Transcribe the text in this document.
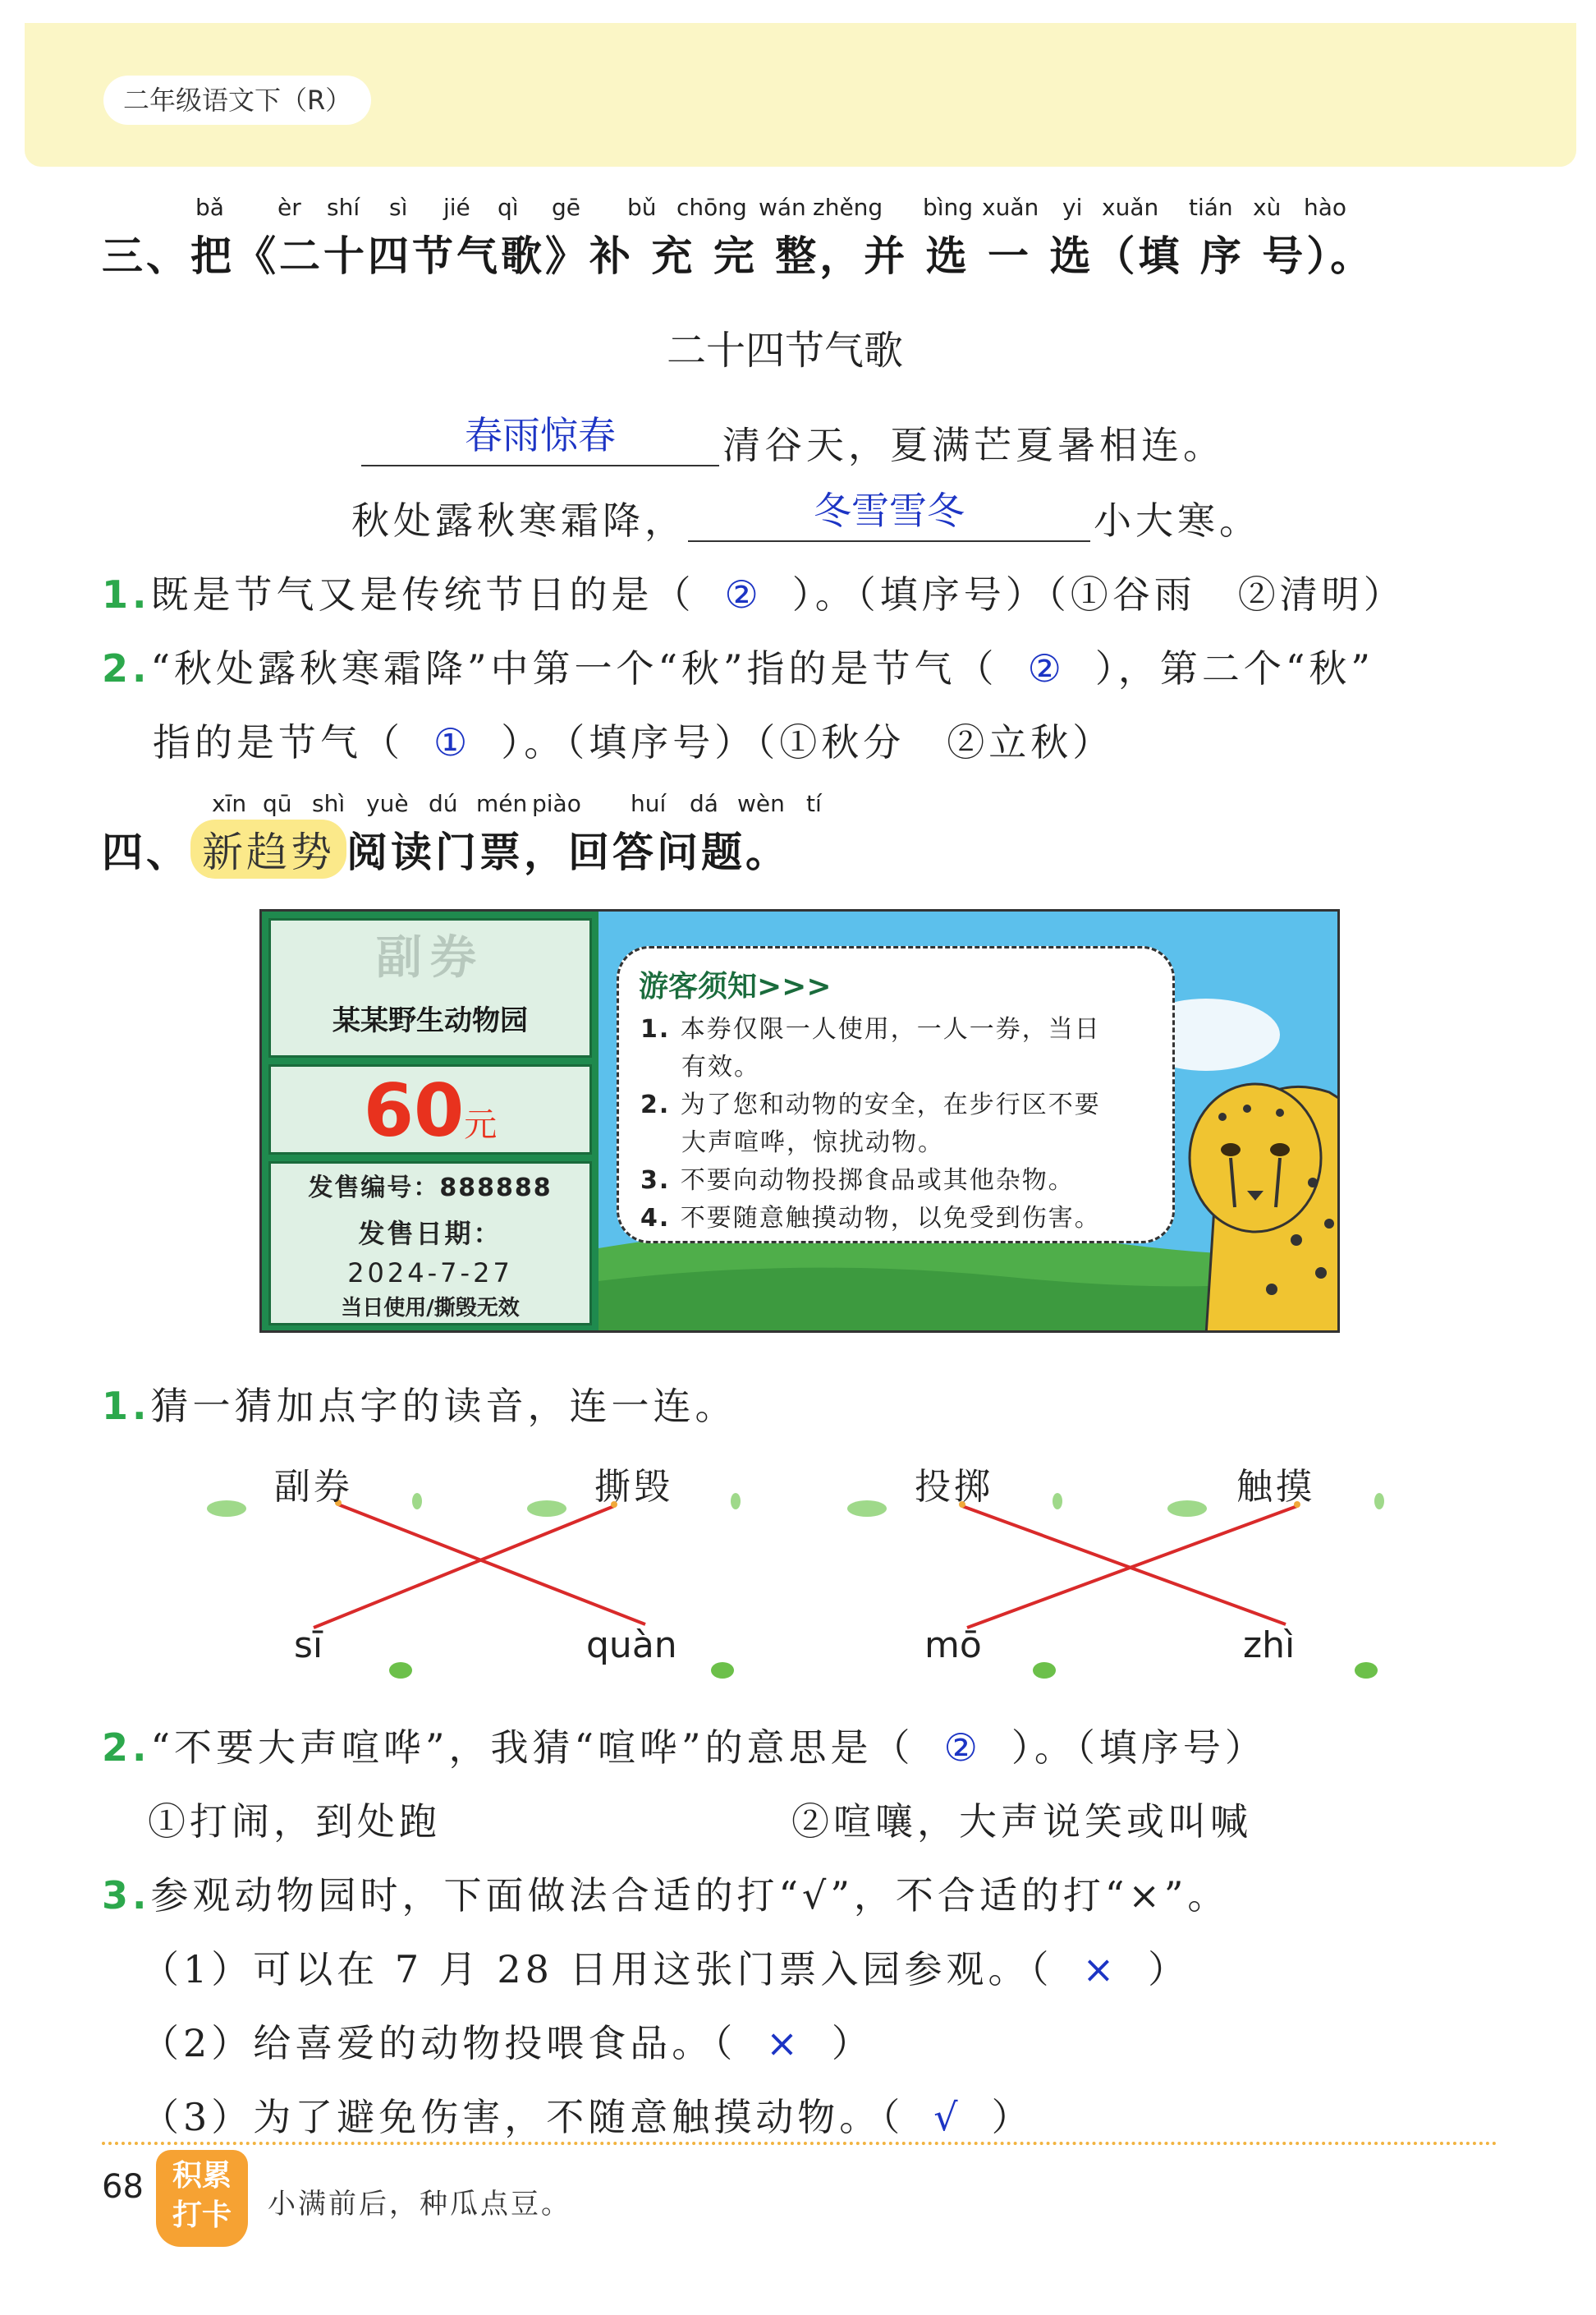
二年级语文下（R）
bǎ èr shí sì jié qì gē bǔ chōng wán zhěng bìng xuǎn yi xuǎn tián xù hào
三、把《二十四节气歌》补 充 完 整，并 选 一 选（填 序 号）。
二十四节气歌
春雨惊春	清谷天，夏满芒夏暑相连。
秋处露秋寒霜降，	冬雪雪冬	小大寒。
1.既是节气又是传统节日的是（ ② ）。（填序号）（①谷雨　②清明）
2.“秋处露秋寒霜降”中第一个“秋”指的是节气（ ② ），第二个“秋”
指的是节气（ ① ）。（填序号）（①秋分　②立秋）
xīn qū shì yuè dú mén piào huí dá wèn tí
四、 新趋势 阅读门票，回答问题。
副券
某某野生动物园
60元
发售编号：888888
发售日期：
2024-7-27
当日使用/撕毁无效
游客须知>>>
1. 本券仅限一人使用，一人一券，当日
有效。
2. 为了您和动物的安全，在步行区不要
大声喧哗，惊扰动物。
3. 不要向动物投掷食品或其他杂物。
4. 不要随意触摸动物，以免受到伤害。
1.猜一猜加点字的读音，连一连。
副券	撕毁	投掷	触摸
sī	quàn	mō	zhì
2.“不要大声喧哗”，我猜“喧哗”的意思是（ ② ）。（填序号）
①打闹，到处跑	②喧嚷，大声说笑或叫喊
3.参观动物园时，下面做法合适的打“√”，不合适的打“×”。
（1）可以在 7 月 28 日用这张门票入园参观。（ × ）
（2）给喜爱的动物投喂食品。（ × ）
（3）为了避免伤害，不随意触摸动物。（ √ ）
68 积累
打卡	小满前后，种瓜点豆。
